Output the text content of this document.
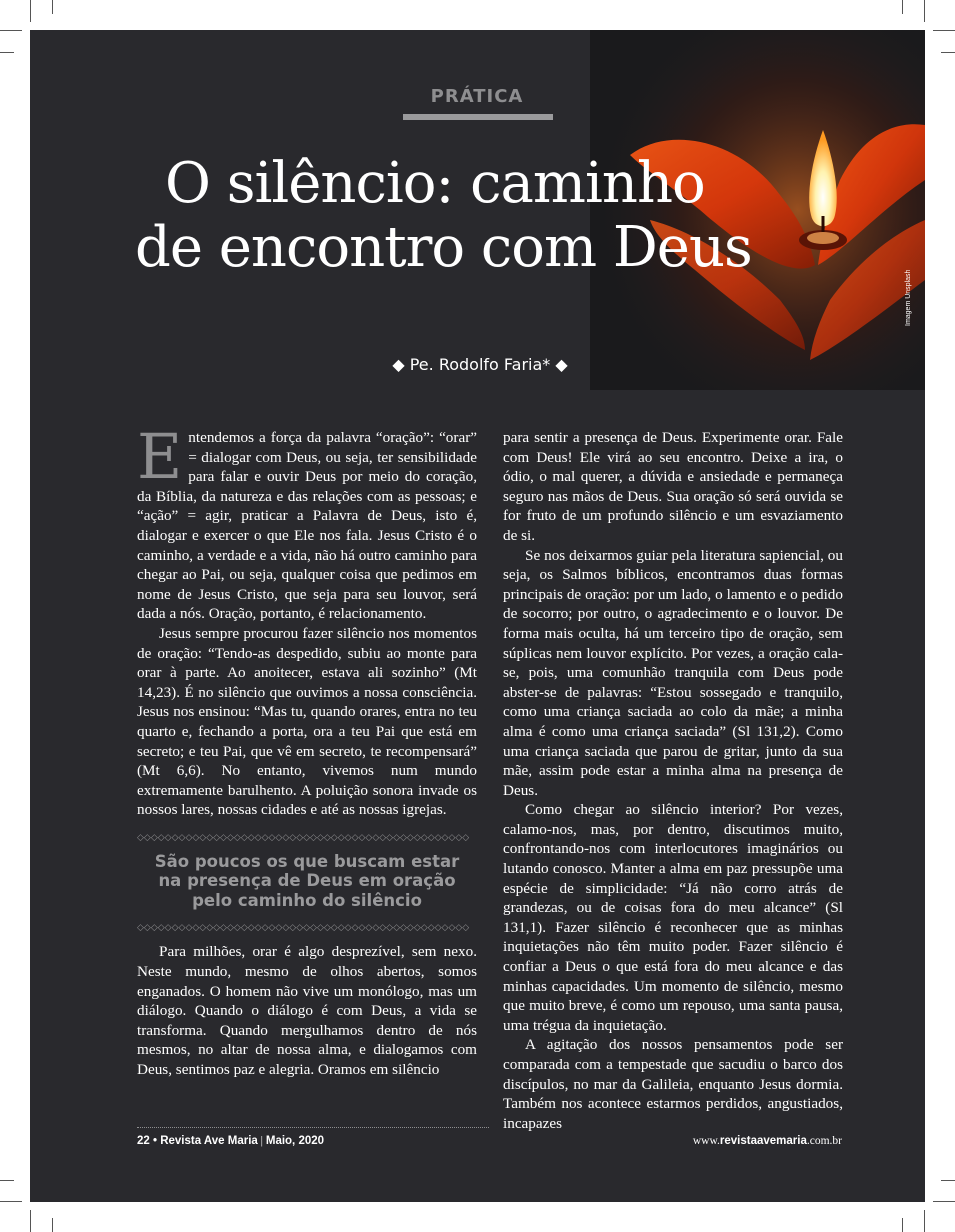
PRÁTICA
O silêncio: caminho
de encontro com Deus
Imagem Unsplash
◆ Pe. Rodolfo Faria* ◆

Entendemos a força da palavra “oração”: “orar” = dialogar com Deus, ou seja, ter sensibilidade para falar e ouvir Deus por meio do coração, da Bíblia, da natureza e das relações com as pessoas; e “ação” = agir, praticar a Palavra de Deus, isto é, dialogar e exercer o que Ele nos fala. Jesus Cristo é o caminho, a verdade e a vida, não há outro caminho para chegar ao Pai, ou seja, qualquer coisa que pedimos em nome de Jesus Cristo, que seja para seu louvor, será dada a nós. Oração, portanto, é relacionamento.

Jesus sempre procurou fazer silêncio nos momentos de oração: “Tendo-as despedido, subiu ao monte para orar à parte. Ao anoitecer, estava ali sozinho” (Mt 14,23). É no silêncio que ouvimos a nossa consciência. Jesus nos ensinou: “Mas tu, quando orares, entra no teu quarto e, fechando a porta, ora a teu Pai que está em secreto; e teu Pai, que vê em secreto, te recompensará” (Mt 6,6). No entanto, vivemos num mundo extremamente barulhento. A poluição sonora invade os nossos lares, nossas cidades e até as nossas igrejas.

◇◇◇◇◇◇◇◇◇◇◇◇◇◇◇◇◇◇◇◇◇◇◇◇◇◇◇◇◇◇◇◇◇◇◇◇◇◇◇◇◇◇◇◇◇◇◇◇
São poucos os que buscam estar
na presença de Deus em oração
pelo caminho do silêncio
◇◇◇◇◇◇◇◇◇◇◇◇◇◇◇◇◇◇◇◇◇◇◇◇◇◇◇◇◇◇◇◇◇◇◇◇◇◇◇◇◇◇◇◇◇◇◇◇

Para milhões, orar é algo desprezível, sem nexo. Neste mundo, mesmo de olhos abertos, somos enganados. O homem não vive um monólogo, mas um diálogo. Quando o diálogo é com Deus, a vida se transforma. Quando mergulhamos dentro de nós mesmos, no altar de nossa alma, e dialogamos com Deus, sentimos paz e alegria. Oramos em silêncio

para sentir a presença de Deus. Experimente orar. Fale com Deus! Ele virá ao seu encontro. Deixe a ira, o ódio, o mal querer, a dúvida e ansiedade e permaneça seguro nas mãos de Deus. Sua oração só será ouvida se for fruto de um profundo silêncio e um esvaziamento de si.

Se nos deixarmos guiar pela literatura sapiencial, ou seja, os Salmos bíblicos, encontramos duas formas principais de oração: por um lado, o lamento e o pedido de socorro; por outro, o agradecimento e o louvor. De forma mais oculta, há um terceiro tipo de oração, sem súplicas nem louvor explícito. Por vezes, a oração cala-se, pois, uma comunhão tranquila com Deus pode abster-se de palavras: “Estou sossegado e tranquilo, como uma criança saciada ao colo da mãe; a minha alma é como uma criança saciada” (Sl 131,2). Como uma criança saciada que parou de gritar, junto da sua mãe, assim pode estar a minha alma na presença de Deus.

Como chegar ao silêncio interior? Por vezes, calamo-nos, mas, por dentro, discutimos muito, confrontando-nos com interlocutores imaginários ou lutando conosco. Manter a alma em paz pressupõe uma espécie de simplicidade: “Já não corro atrás de grandezas, ou de coisas fora do meu alcance” (Sl 131,1). Fazer silêncio é reconhecer que as minhas inquietações não têm muito poder. Fazer silêncio é confiar a Deus o que está fora do meu alcance e das minhas capacidades. Um momento de silêncio, mesmo que muito breve, é como um repouso, uma santa pausa, uma trégua da inquietação.

A agitação dos nossos pensamentos pode ser comparada com a tempestade que sacudiu o barco dos discípulos, no mar da Galileia, enquanto Jesus dormia. Também nos acontece estarmos perdidos, angustiados, incapazes

22 • Revista Ave Maria | Maio, 2020	www.revistaavemaria.com.br
